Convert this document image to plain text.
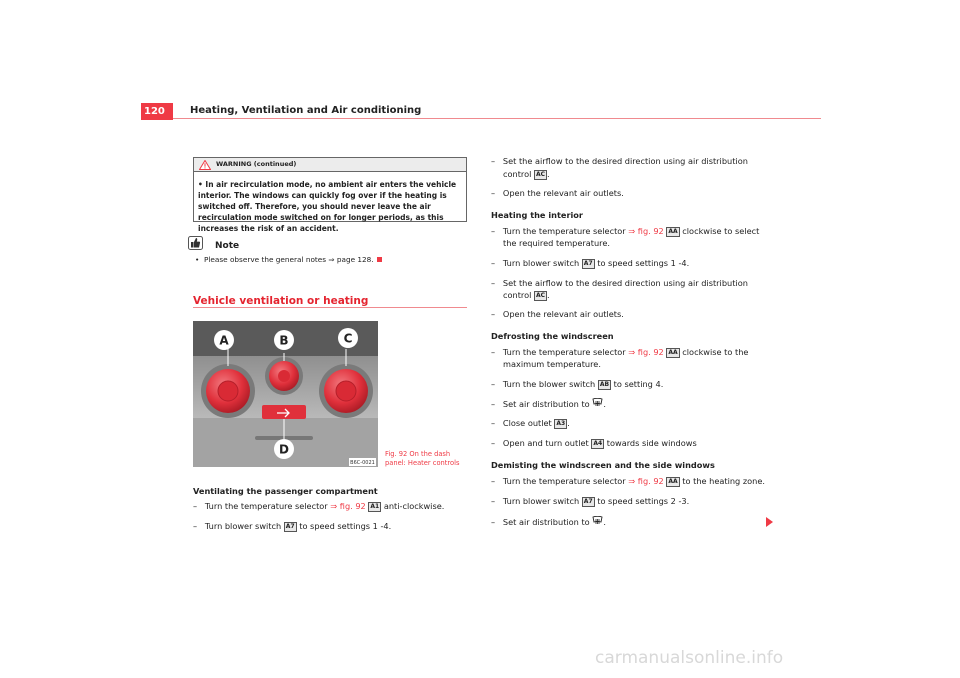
120	Heating, Ventilation and Air conditioning
WARNING (continued)
• In air recirculation mode, no ambient air enters the vehicle interior. The windows can quickly fog over if the heating is switched off. Therefore, you should never leave the air recirculation mode switched on for longer periods, as this increases the risk of an accident.
Note
• Please observe the general notes ⇒ page 128.
Vehicle ventilation or heating
A	B	C
D
B6C-0021
Fig. 92 On the dash panel: Heater controls
Ventilating the passenger compartment
– Turn the temperature selector ⇒ fig. 92 A1 anti-clockwise.
– Turn blower switch A7 to speed settings 1 -4.
– Set the airflow to the desired direction using air distribution
control AC .
– Open the relevant air outlets.
Heating the interior
– Turn the temperature selector ⇒ fig. 92 AA clockwise to select
the required temperature.
– Turn blower switch A7 to speed settings 1 -4.
– Set the airflow to the desired direction using air distribution
control AC .
– Open the relevant air outlets.
Defrosting the windscreen
– Turn the temperature selector ⇒ fig. 92 AA clockwise to the
maximum temperature.
– Turn the blower switch AB to setting 4.
– Set air distribution to .
– Close outlet A3 .
– Open and turn outlet A4 towards side windows
Demisting the windscreen and the side windows
– Turn the temperature selector ⇒ fig. 92 AA to the heating zone.
– Turn blower switch A7 to speed settings 2 -3.
– Set air distribution to .
carmanualsonline.info
